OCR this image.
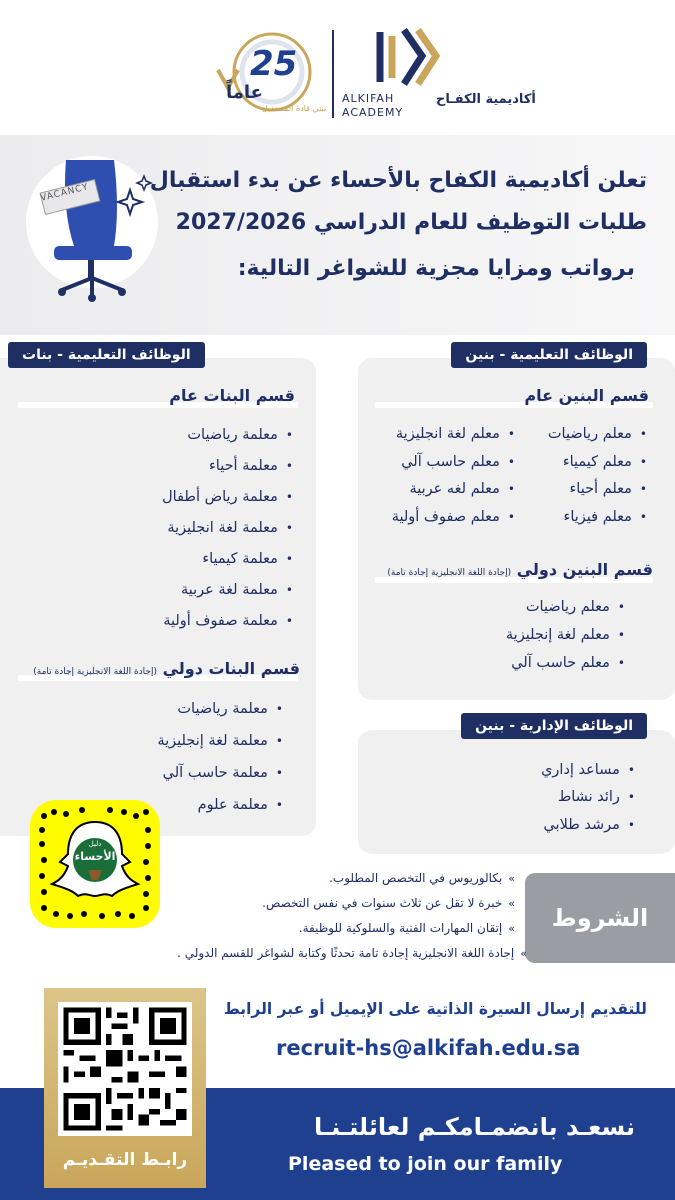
أكاديمية الكفـاح
ALKIFAH
ACADEMY
25
عاماً
نبني قادة المستقبل
تعلن أكاديمية الكفاح بالأحساء عن بدء استقبال
طلبات التوظيف للعام الدراسي 2027/2026
برواتب ومزايا مجزية للشواغر التالية:
VACANCY
الوظائف التعليمية - بنين
قسم البنين عام
• معلم رياضيات
• معلم كيمياء
• معلم أحياء
• معلم فيزياء
• معلم لغة انجليزية
• معلم حاسب آلي
• معلم لغه عربية
• معلم صفوف أولية
قسم البنين دولي (إجادة اللغة الانجليزية إجادة تامة)
• معلم رياضيات
• معلم لغة إنجليزية
• معلم حاسب آلي
الوظائف الإدارية - بنين
• مساعد إداري
• رائد نشاط
• مرشد طلابي
الوظائف التعليمية - بنات
قسم البنات عام
• معلمة رياضيات
• معلمة أحياء
• معلمة رياض أطفال
• معلمة لغة انجليزية
• معلمة كيمياء
• معلمة لغة عربية
• معلمة صفوف أولية
قسم البنات دولي (إجادة اللغة الانجليزية إجادة تامة)
• معلمة رياضيات
• معلمة لغة إنجليزية
• معلمة حاسب آلي
• معلمة علوم
دليل
الأحساء
الشروط
» بكالوريوس في التخصص المطلوب.
» خبرة لا تقل عن ثلاث سنوات في نفس التخصص.
» إتقان المهارات الفنية والسلوكية للوظيفة.
» إجادة اللغة الانجليزية إجادة تامة تحدثًا وكتابة لشواغر للقسم الدولي .
للتقديم إرسال السيرة الذاتية على الإيميل أو عبر الرابط
recruit-hs@alkifah.edu.sa
نسعـد بانضمـامكـم لعائلتـنـا
Pleased to join our family
رابـط التقـديـم
